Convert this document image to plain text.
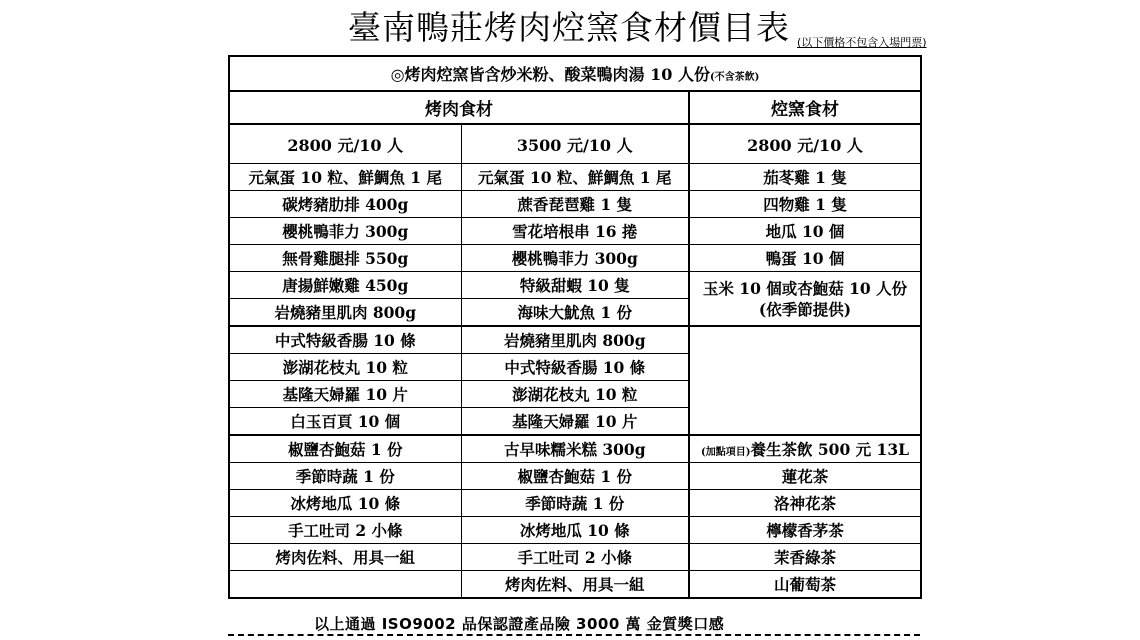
臺南鴨莊烤肉焢窯食材價目表 (以下價格不包含入場門票)
◎烤肉焢窯皆含炒米粉、酸菜鴨肉湯 10 人份(不含茶飲)		
烤肉食材		焢窯食材
2800 元/10 人	3500 元/10 人	2800 元/10 人
元氣蛋 10 粒、鮮鯛魚 1 尾	元氣蛋 10 粒、鮮鯛魚 1 尾	茄苳雞 1 隻
碳烤豬肋排 400g	蔗香琵琶雞 1 隻	四物雞 1 隻
櫻桃鴨菲力 300g	雪花培根串 16 捲	地瓜 10 個
無骨雞腿排 550g	櫻桃鴨菲力 300g	鴨蛋 10 個
唐揚鮮嫩雞 450g	特級甜蝦 10 隻	玉米 10 個或杏鮑菇 10 人份
(依季節提供)

岩燒豬里肌肉 800g	海味大魷魚 1 份	
中式特級香腸 10 條	岩燒豬里肌肉 800g	
澎湖花枝丸 10 粒	中式特級香腸 10 條	
基隆天婦羅 10 片	澎湖花枝丸 10 粒	
白玉百頁 10 個	基隆天婦羅 10 片	
椒鹽杏鮑菇 1 份	古早味糯米糕 300g	(加點項目)養生茶飲 500 元 13L
季節時蔬 1 份	椒鹽杏鮑菇 1 份	蓮花茶
冰烤地瓜 10 條	季節時蔬 1 份	洛神花茶
手工吐司 2 小條	冰烤地瓜 10 條	檸檬香茅茶
烤肉佐料、用具一組	手工吐司 2 小條	茉香綠茶
	烤肉佐料、用具一組	山葡萄茶
以上通過 ISO9002 品保認證產品險 3000 萬 金質獎口感
